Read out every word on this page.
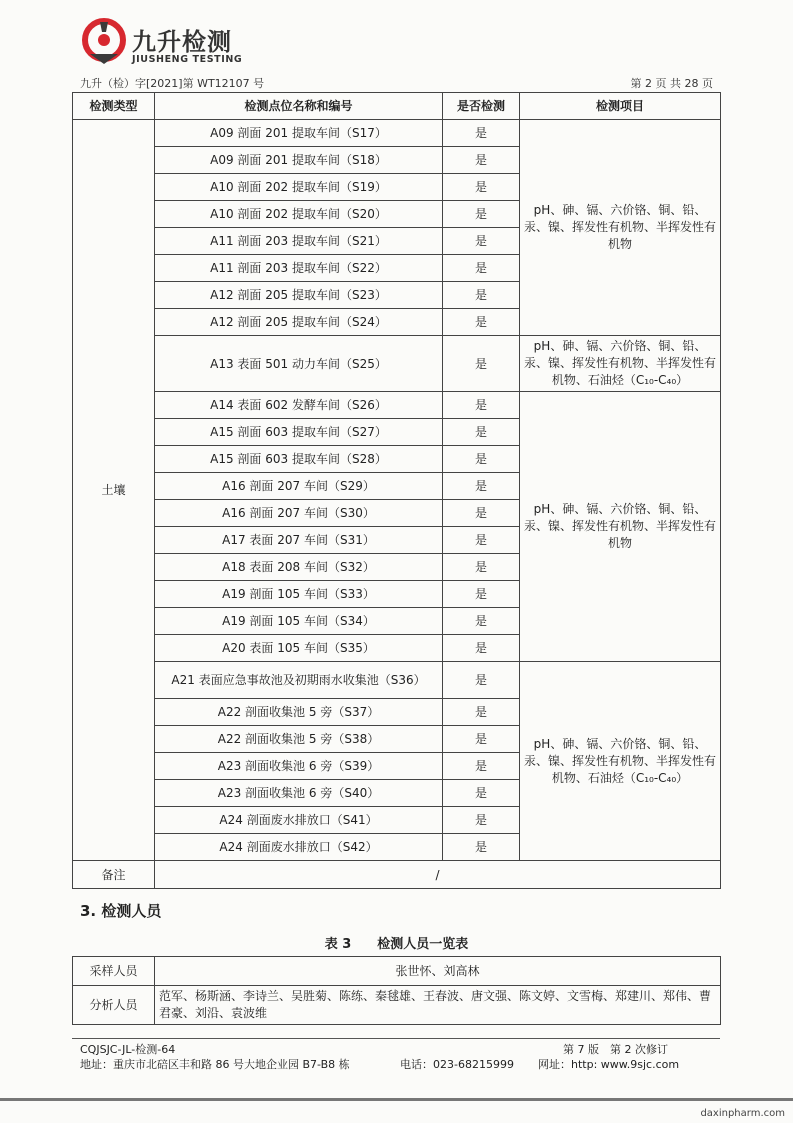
九升检测
JIUSHENG TESTING
九升（检）字[2021]第 WT12107 号	第 2 页 共 28 页
检测类型	检测点位名称和编号	是否检测	检测项目
土壤	A09 剖面 201 提取车间（S17）	是	pH、砷、镉、六价铬、铜、铅、汞、镍、挥发性有机物、半挥发性有机物
	A09 剖面 201 提取车间（S18）	是	
	A10 剖面 202 提取车间（S19）	是	
	A10 剖面 202 提取车间（S20）	是	
	A11 剖面 203 提取车间（S21）	是	
	A11 剖面 203 提取车间（S22）	是	
	A12 剖面 205 提取车间（S23）	是	
	A12 剖面 205 提取车间（S24）	是	
	A13 表面 501 动力车间（S25）	是	pH、砷、镉、六价铬、铜、铅、汞、镍、挥发性有机物、半挥发性有机物、石油烃（C₁₀-C₄₀）
	A14 表面 602 发酵车间（S26）	是	pH、砷、镉、六价铬、铜、铅、汞、镍、挥发性有机物、半挥发性有机物
	A15 剖面 603 提取车间（S27）	是	
	A15 剖面 603 提取车间（S28）	是	
	A16 剖面 207 车间（S29）	是	
	A16 剖面 207 车间（S30）	是	
	A17 表面 207 车间（S31）	是	
	A18 表面 208 车间（S32）	是	
	A19 剖面 105 车间（S33）	是	
	A19 剖面 105 车间（S34）	是	
	A20 表面 105 车间（S35）	是	
	A21 表面应急事故池及初期雨水收集池（S36）	是	pH、砷、镉、六价铬、铜、铅、汞、镍、挥发性有机物、半挥发性有机物、石油烃（C₁₀-C₄₀）
	A22 剖面收集池 5 旁（S37）	是	
	A22 剖面收集池 5 旁（S38）	是	
	A23 剖面收集池 6 旁（S39）	是	
	A23 剖面收集池 6 旁（S40）	是	
	A24 剖面废水排放口（S41）	是	
	A24 剖面废水排放口（S42）	是	
备注	/		
3. 检测人员
表 3　　检测人员一览表
采样人员	张世怀、刘高林
分析人员	范军、杨斯涵、李诗兰、吴胜菊、陈练、秦毬雄、王春波、唐文强、陈文婷、文雪梅、郑建川、郑伟、曹君豪、刘沿、袁波维
CQJSJC-JL-检测-64	第 7 版　第 2 次修订
地址：重庆市北碚区丰和路 86 号大地企业园 B7-B8 栋	电话：023-68215999 网址：http: www.9sjc.com
daxinpharm.com
